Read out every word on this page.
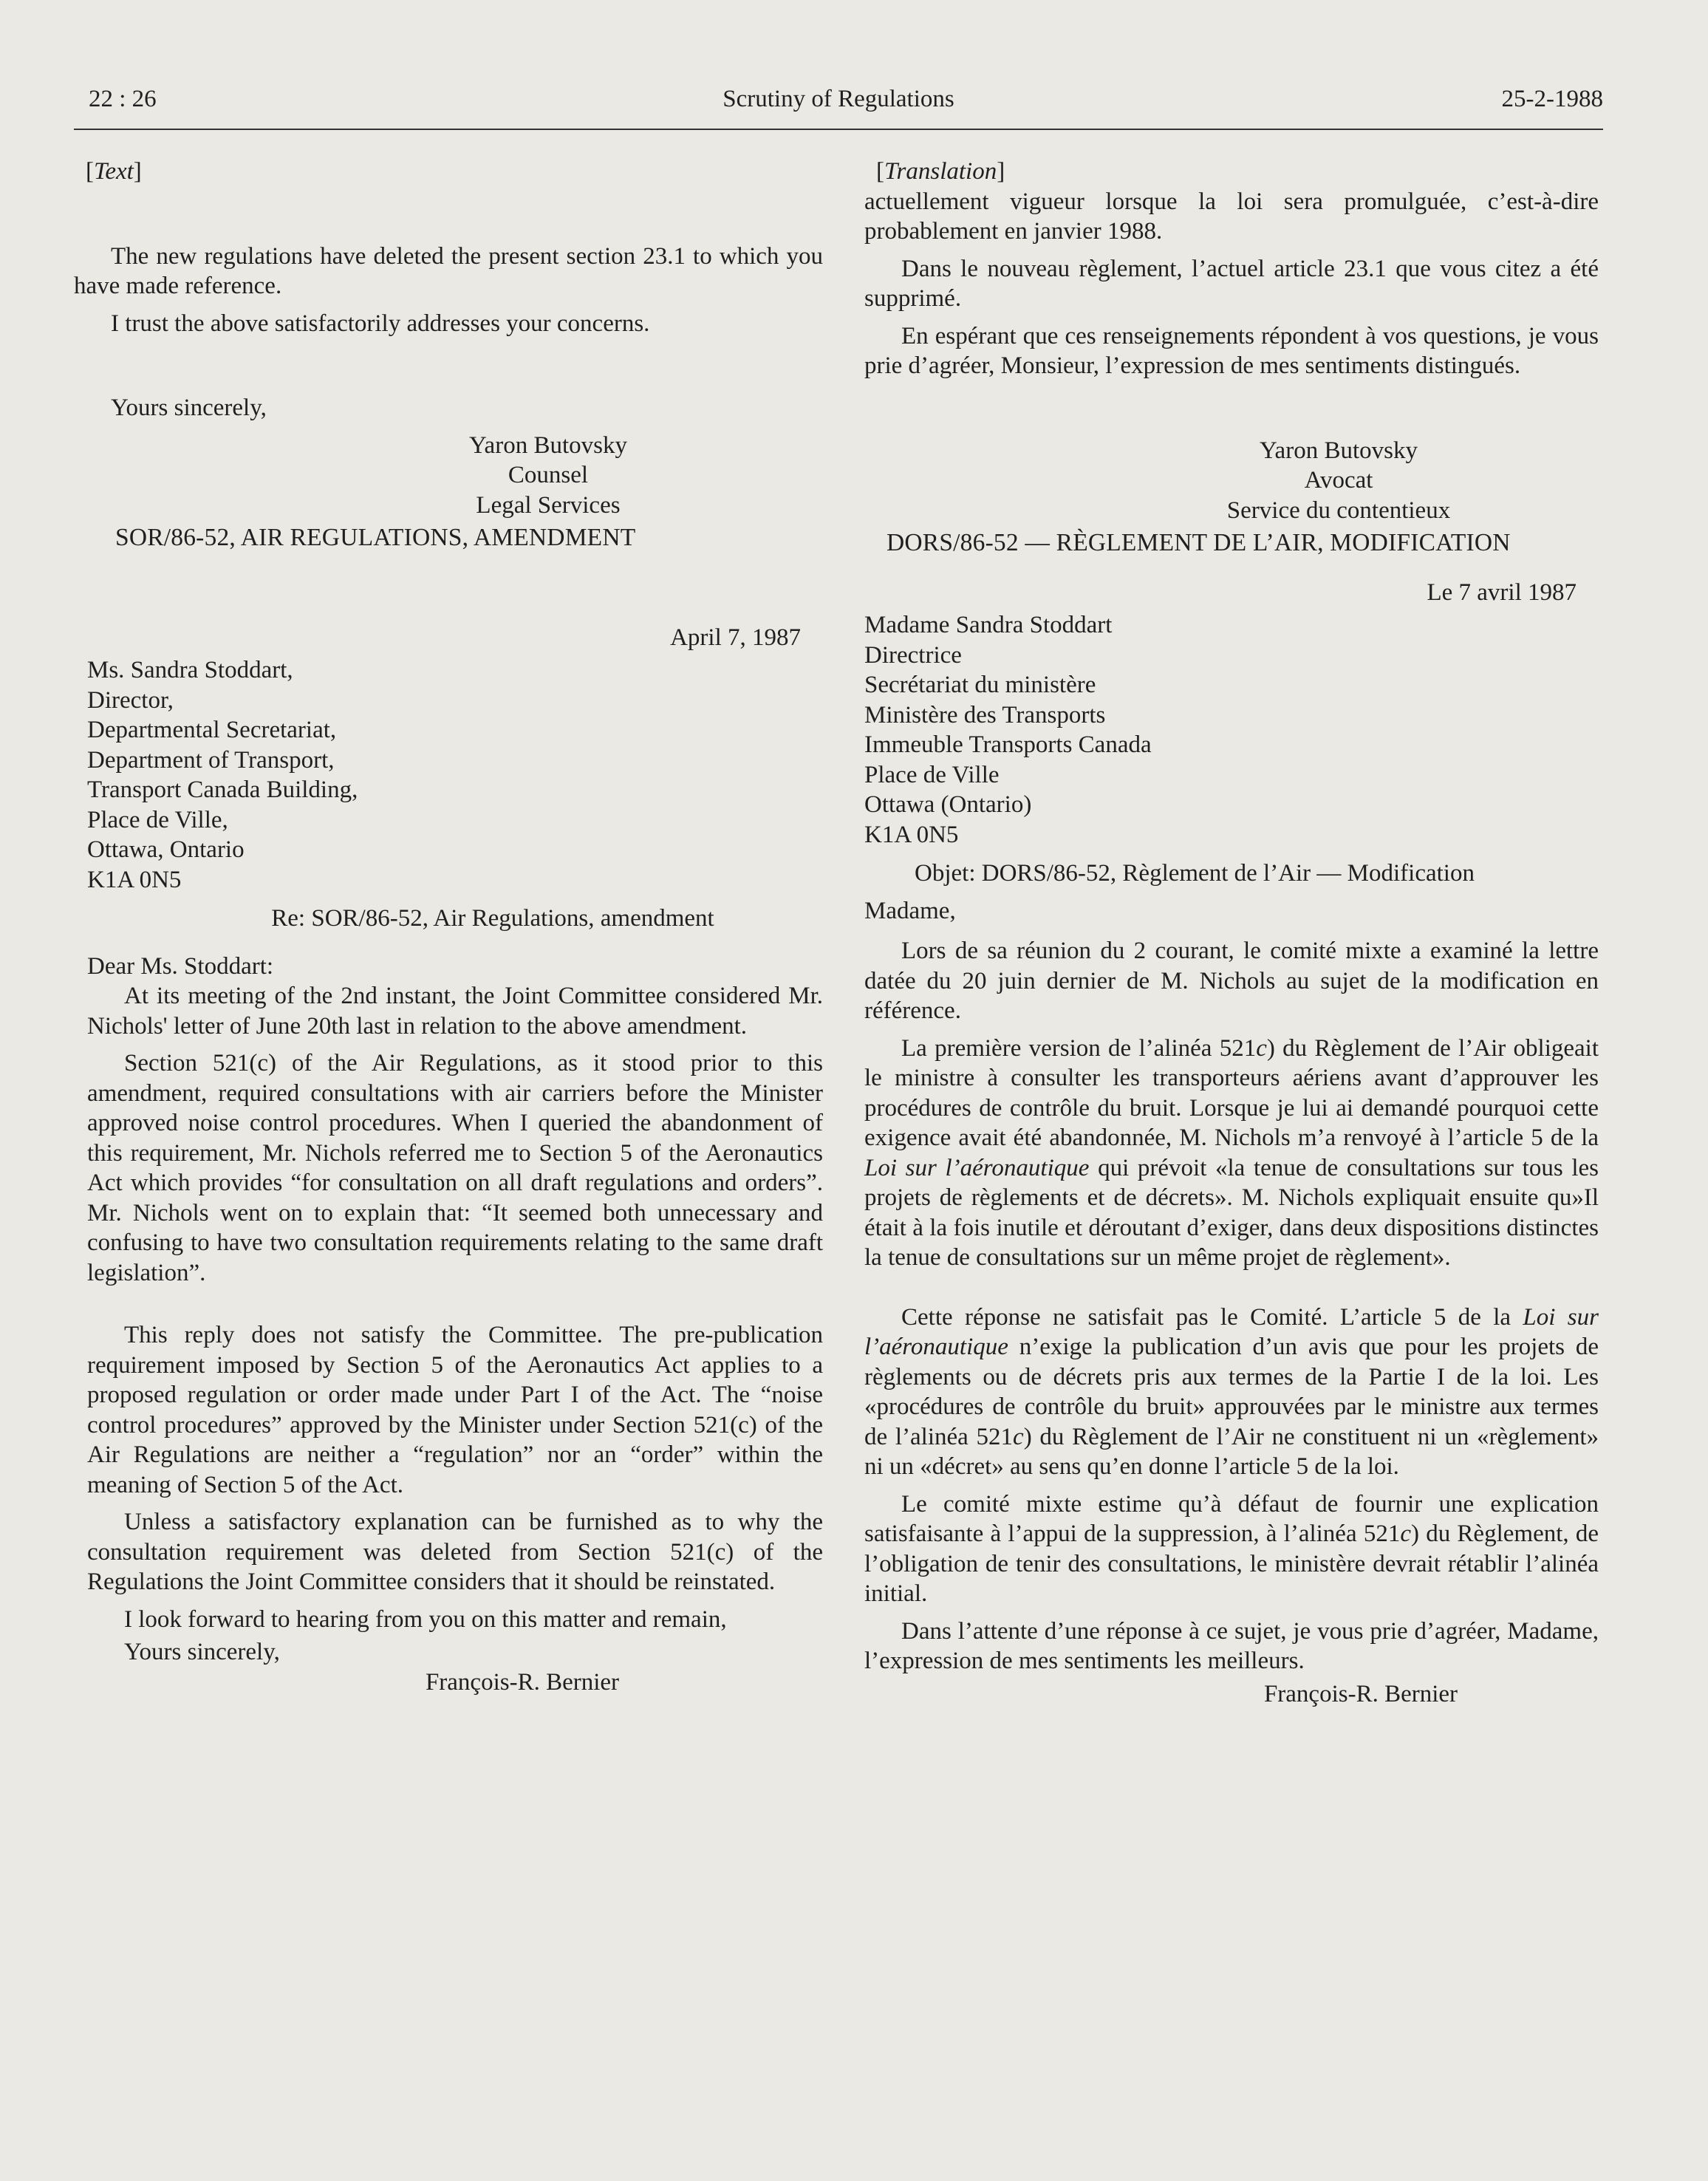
22 : 26	Scrutiny of Regulations	25-2-1988

[Text]

The new regulations have deleted the present section 23.1 to which you have made reference.

I trust the above satisfactorily addresses your concerns.

Yours sincerely,

Yaron Butovsky

Counsel

Legal Services

SOR/86-52, AIR REGULATIONS, AMENDMENT

April 7, 1987

Ms. Sandra Stoddart,

Director,

Departmental Secretariat,

Department of Transport,

Transport Canada Building,

Place de Ville,

Ottawa, Ontario

K1A 0N5

Re: SOR/86-52, Air Regulations, amendment

Dear Ms. Stoddart:

At its meeting of the 2nd instant, the Joint Committee considered Mr. Nichols' letter of June 20th last in relation to the above amendment.

Section 521(c) of the Air Regulations, as it stood prior to this amendment, required consultations with air carriers before the Minister approved noise control procedures. When I queried the abandonment of this requirement, Mr. Nichols referred me to Section 5 of the Aeronautics Act which provides “for consultation on all draft regulations and orders”. Mr. Nichols went on to explain that: “It seemed both unnecessary and confusing to have two consultation requirements relating to the same draft legislation”.

This reply does not satisfy the Committee. The pre-publication requirement imposed by Section 5 of the Aeronautics Act applies to a proposed regulation or order made under Part I of the Act. The “noise control procedures” approved by the Minister under Section 521(c) of the Air Regulations are neither a “regulation” nor an “order” within the meaning of Section 5 of the Act.

Unless a satisfactory explanation can be furnished as to why the consultation requirement was deleted from Section 521(c) of the Regulations the Joint Committee considers that it should be reinstated.

I look forward to hearing from you on this matter and remain,

Yours sincerely,

François-R. Bernier

[Translation]

actuellement vigueur lorsque la loi sera promulguée, c’est-à-dire probablement en janvier 1988.

Dans le nouveau règlement, l’actuel article 23.1 que vous citez a été supprimé.

En espérant que ces renseignements répondent à vos questions, je vous prie d’agréer, Monsieur, l’expression de mes sentiments distingués.

Yaron Butovsky

Avocat

Service du contentieux

DORS/86-52 — RÈGLEMENT DE L’AIR, MODIFICATION

Le 7 avril 1987

Madame Sandra Stoddart

Directrice

Secrétariat du ministère

Ministère des Transports

Immeuble Transports Canada

Place de Ville

Ottawa (Ontario)

K1A 0N5

Objet: DORS/86-52, Règlement de l’Air — Modification

Madame,

Lors de sa réunion du 2 courant, le comité mixte a examiné la lettre datée du 20 juin dernier de M. Nichols au sujet de la modification en référence.

La première version de l’alinéa 521c) du Règlement de l’Air obligeait le ministre à consulter les transporteurs aériens avant d’approuver les procédures de contrôle du bruit. Lorsque je lui ai demandé pourquoi cette exigence avait été abandonnée, M. Nichols m’a renvoyé à l’article 5 de la Loi sur l’aéronautique qui prévoit «la tenue de consultations sur tous les projets de règlements et de décrets». M. Nichols expliquait ensuite qu»Il était à la fois inutile et déroutant d’exiger, dans deux dispositions distinctes la tenue de consultations sur un même projet de règlement».

Cette réponse ne satisfait pas le Comité. L’article 5 de la Loi sur l’aéronautique n’exige la publication d’un avis que pour les projets de règlements ou de décrets pris aux termes de la Partie I de la loi. Les «procédures de contrôle du bruit» approuvées par le ministre aux termes de l’alinéa 521c) du Règlement de l’Air ne constituent ni un «règlement» ni un «décret» au sens qu’en donne l’article 5 de la loi.

Le comité mixte estime qu’à défaut de fournir une explication satisfaisante à l’appui de la suppression, à l’alinéa 521c) du Règlement, de l’obligation de tenir des consultations, le ministère devrait rétablir l’alinéa initial.

Dans l’attente d’une réponse à ce sujet, je vous prie d’agréer, Madame, l’expression de mes sentiments les meilleurs.

François-R. Bernier
